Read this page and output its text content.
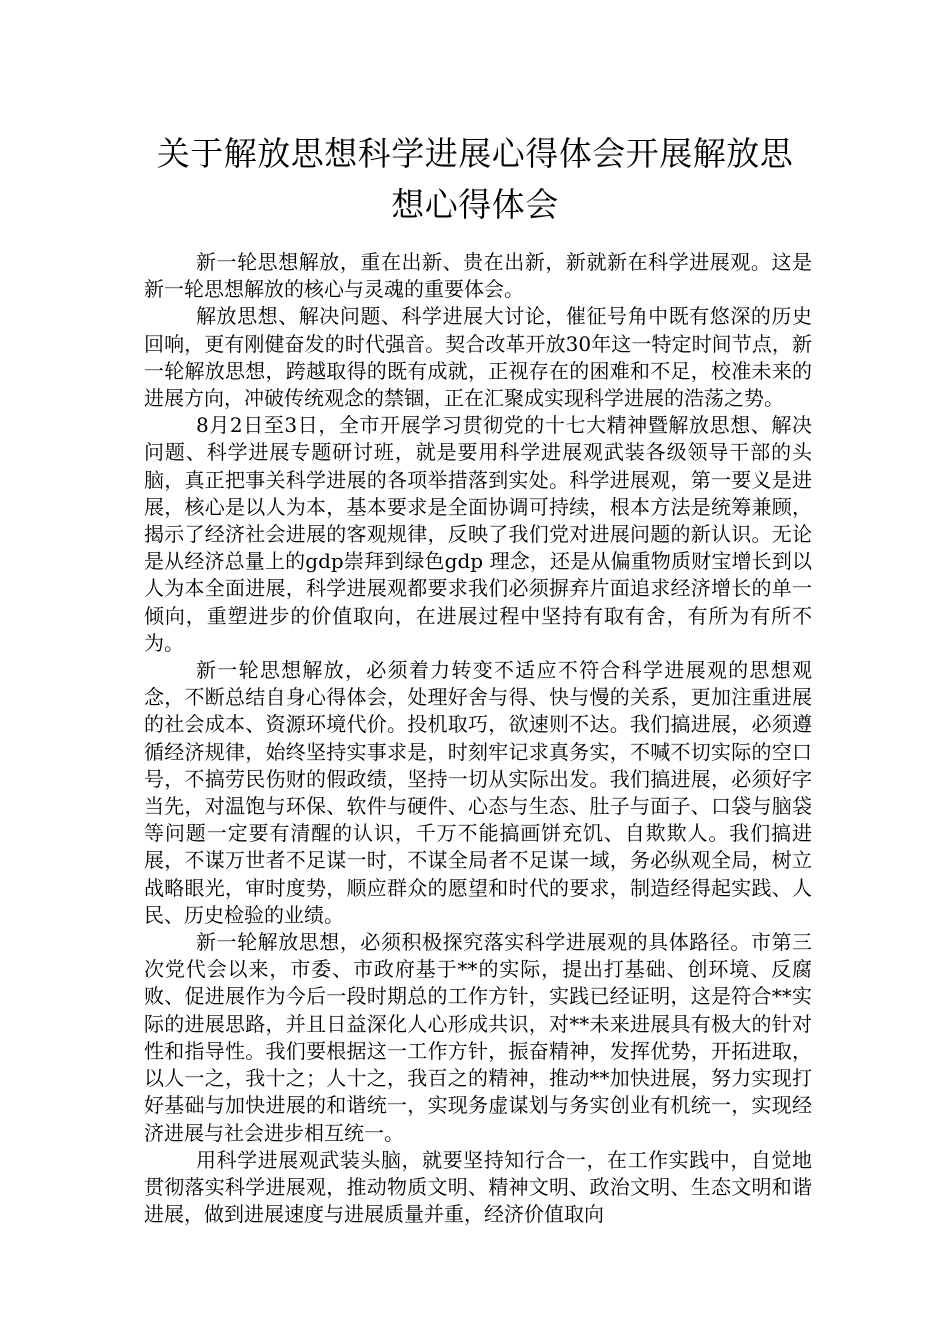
关于解放思想科学进展心得体会开展解放思想心得体会

新一轮思想解放，重在出新、贵在出新，新就新在科学进展观。这是新一轮思想解放的核心与灵魂的重要体会。

解放思想、解决问题、科学进展大讨论，催征号角中既有悠深的历史回响，更有刚健奋发的时代强音。契合改革开放30年这一特定时间节点，新一轮解放思想，跨越取得的既有成就，正视存在的困难和不足，校准未来的进展方向，冲破传统观念的禁锢，正在汇聚成实现科学进展的浩荡之势。

8月2日至3日，全市开展学习贯彻党的十七大精神暨解放思想、解决问题、科学进展专题研讨班，就是要用科学进展观武装各级领导干部的头脑，真正把事关科学进展的各项举措落到实处。科学进展观，第一要义是进展，核心是以人为本，基本要求是全面协调可持续，根本方法是统筹兼顾，揭示了经济社会进展的客观规律，反映了我们党对进展问题的新认识。无论是从经济总量上的gdp崇拜到绿色gdp 理念，还是从偏重物质财宝增长到以人为本全面进展，科学进展观都要求我们必须摒弃片面追求经济增长的单一倾向，重塑进步的价值取向，在进展过程中坚持有取有舍，有所为有所不为。

新一轮思想解放，必须着力转变不适应不符合科学进展观的思想观念，不断总结自身心得体会，处理好舍与得、快与慢的关系，更加注重进展的社会成本、资源环境代价。投机取巧，欲速则不达。我们搞进展，必须遵循经济规律，始终坚持实事求是，时刻牢记求真务实，不喊不切实际的空口号，不搞劳民伤财的假政绩，坚持一切从实际出发。我们搞进展，必须好字当先，对温饱与环保、软件与硬件、心态与生态、肚子与面子、口袋与脑袋等问题一定要有清醒的认识，千万不能搞画饼充饥、自欺欺人。我们搞进展，不谋万世者不足谋一时，不谋全局者不足谋一域，务必纵观全局，树立战略眼光，审时度势，顺应群众的愿望和时代的要求，制造经得起实践、人民、历史检验的业绩。

新一轮解放思想，必须积极探究落实科学进展观的具体路径。市第三次党代会以来，市委、市政府基于**的实际，提出打基础、创环境、反腐败、促进展作为今后一段时期总的工作方针，实践已经证明，这是符合**实际的进展思路，并且日益深化人心形成共识，对**未来进展具有极大的针对性和指导性。我们要根据这一工作方针，振奋精神，发挥优势，开拓进取，以人一之，我十之；人十之，我百之的精神，推动**加快进展，努力实现打好基础与加快进展的和谐统一，实现务虚谋划与务实创业有机统一，实现经济进展与社会进步相互统一。

用科学进展观武装头脑，就要坚持知行合一，在工作实践中，自觉地贯彻落实科学进展观，推动物质文明、精神文明、政治文明、生态文明和谐进展，做到进展速度与进展质量并重，经济价值取向
